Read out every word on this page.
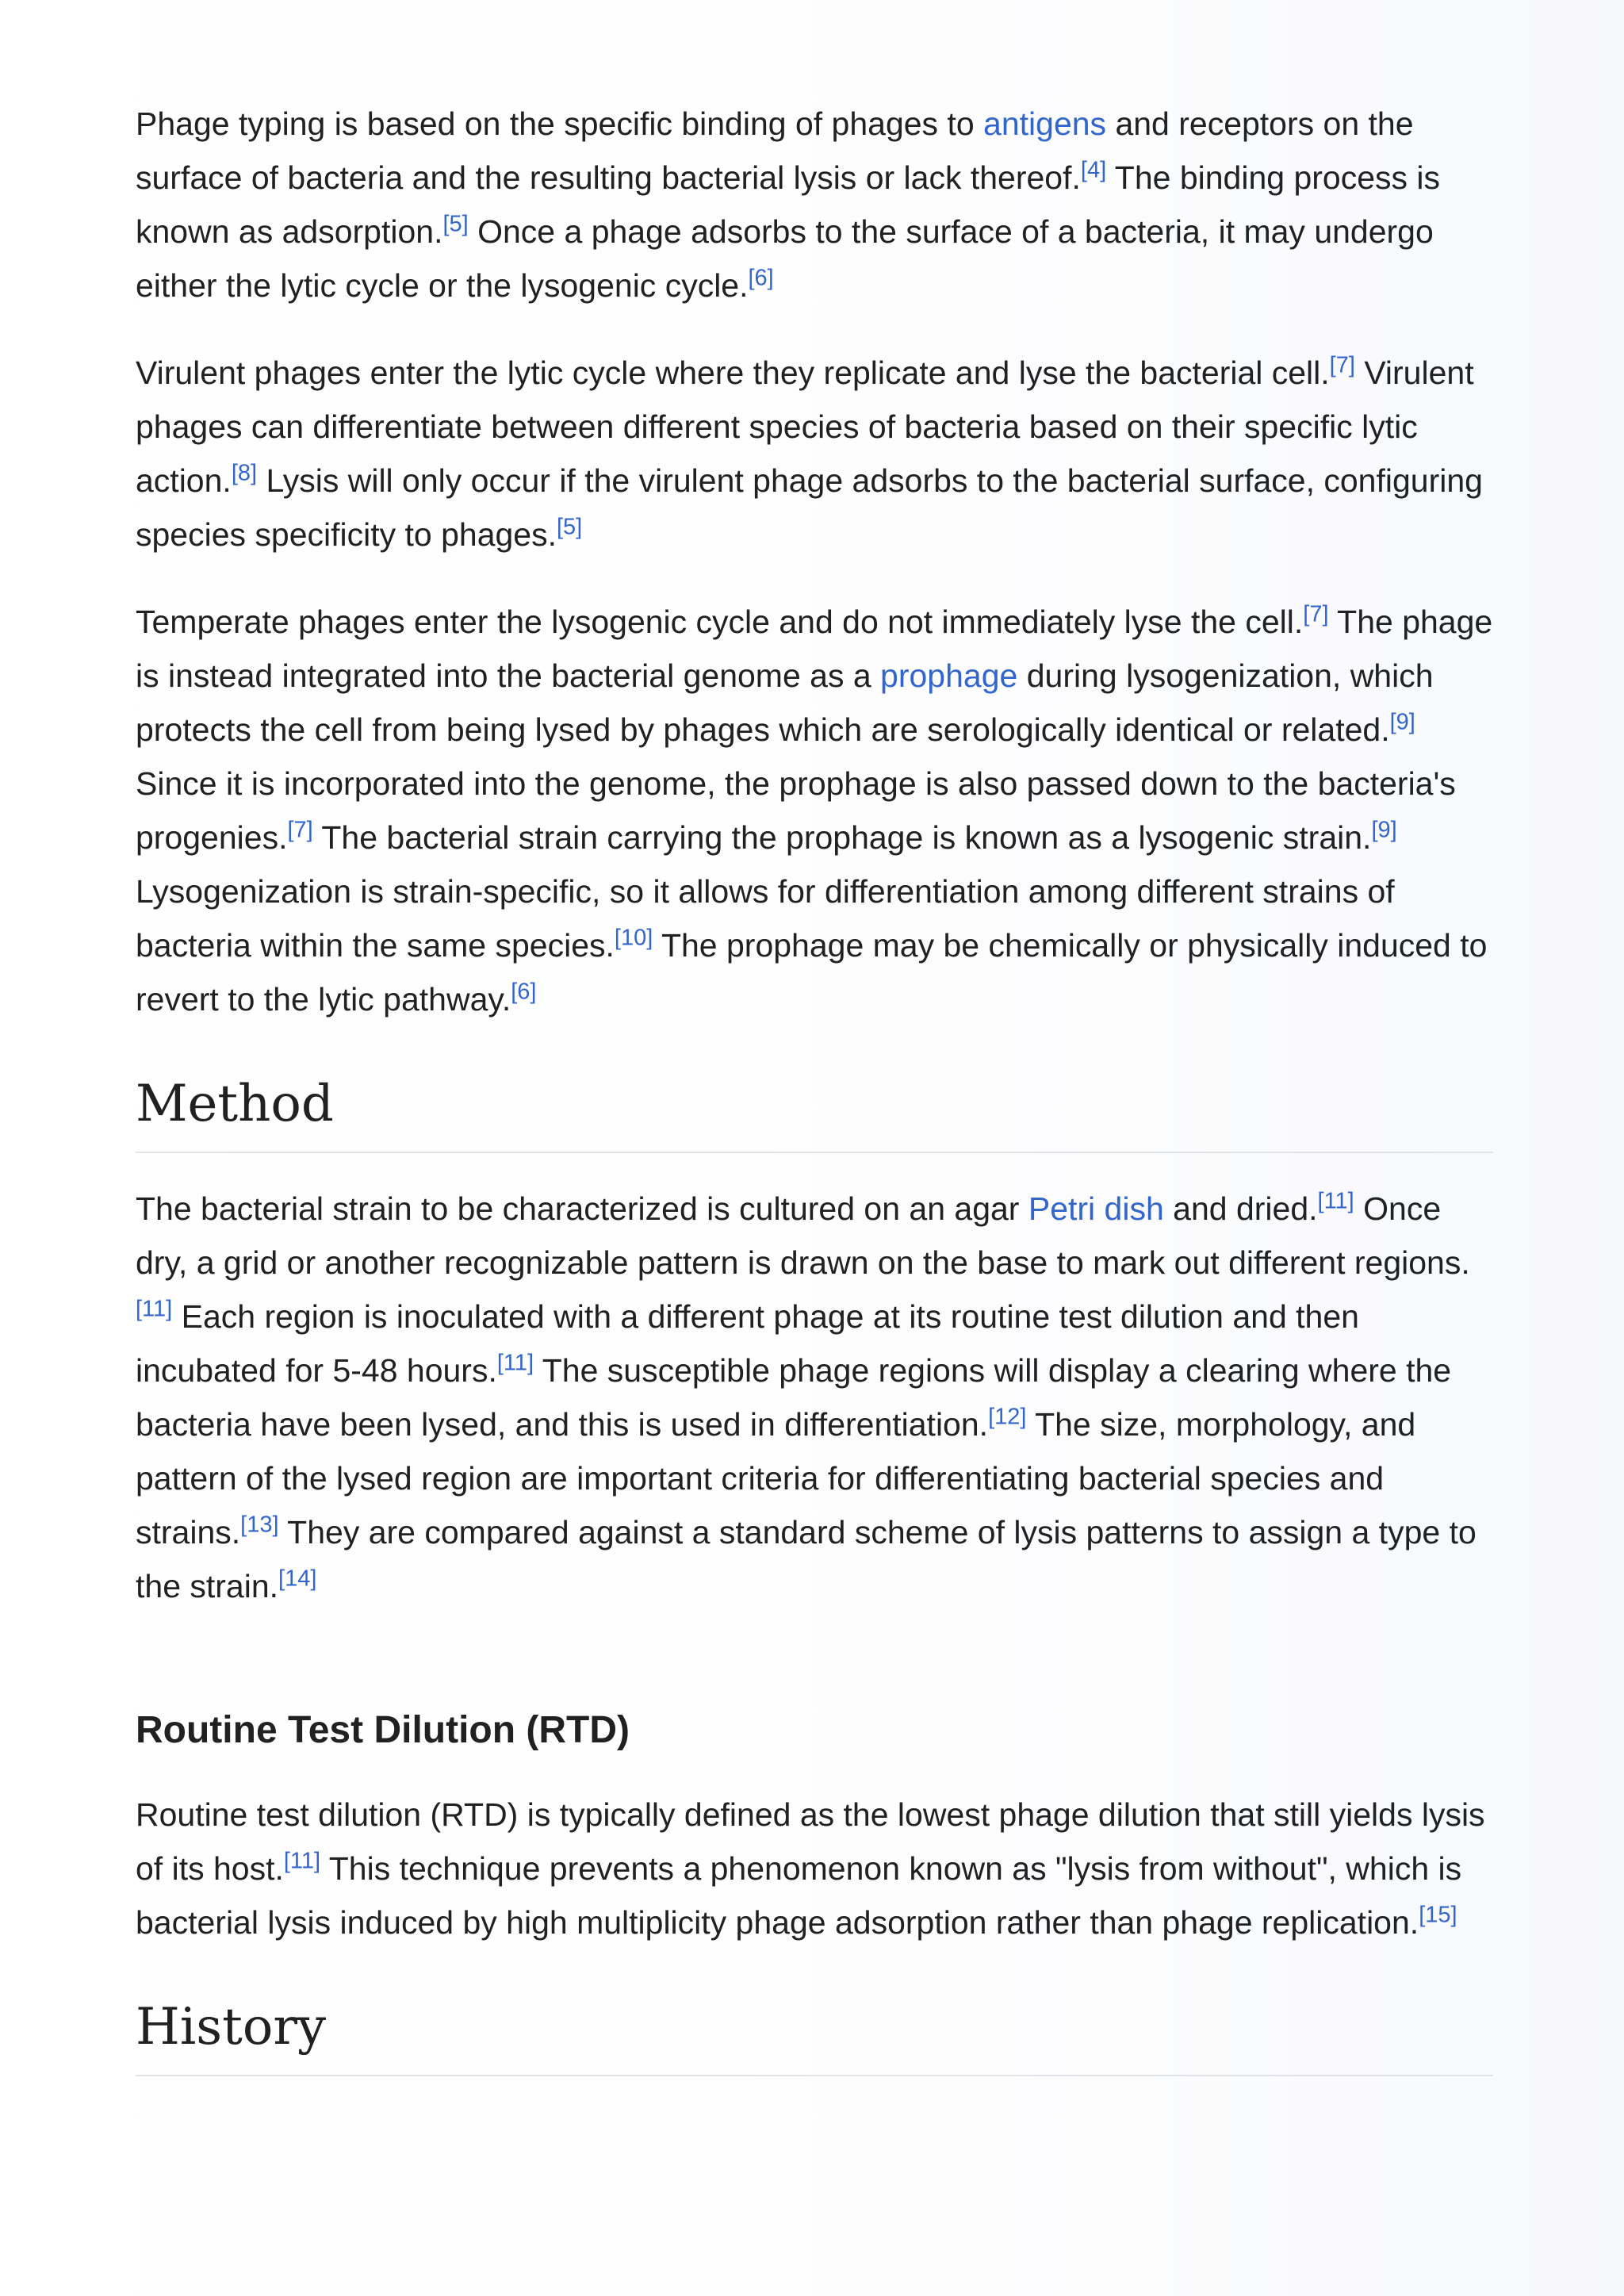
Phage typing is based on the specific binding of phages to antigens and receptors on the surface of bacteria and the resulting bacterial lysis or lack thereof.[4] The binding process is known as adsorption.[5] Once a phage adsorbs to the surface of a bacteria, it may undergo either the lytic cycle or the lysogenic cycle.[6]

Virulent phages enter the lytic cycle where they replicate and lyse the bacterial cell.[7] Virulent phages can differentiate between different species of bacteria based on their specific lytic action.[8] Lysis will only occur if the virulent phage adsorbs to the bacterial surface, configuring species specificity to phages.[5]

Temperate phages enter the lysogenic cycle and do not immediately lyse the cell.[7] The phage is instead integrated into the bacterial genome as a prophage during lysogenization, which protects the cell from being lysed by phages which are serologically identical or related.[9] Since it is incorporated into the genome, the prophage is also passed down to the bacteria's progenies.[7] The bacterial strain carrying the prophage is known as a lysogenic strain.[9] Lysogenization is strain-specific, so it allows for differentiation among different strains of bacteria within the same species.[10] The prophage may be chemically or physically induced to revert to the lytic pathway.[6]

Method

The bacterial strain to be characterized is cultured on an agar Petri dish and dried.[11] Once dry, a grid or another recognizable pattern is drawn on the base to mark out different regions.[11] Each region is inoculated with a different phage at its routine test dilution and then incubated for 5-48 hours.[11] The susceptible phage regions will display a clearing where the bacteria have been lysed, and this is used in differentiation.[12] The size, morphology, and pattern of the lysed region are important criteria for differentiating bacterial species and strains.[13] They are compared against a standard scheme of lysis patterns to assign a type to the strain.[14]

Routine Test Dilution (RTD)

Routine test dilution (RTD) is typically defined as the lowest phage dilution that still yields lysis of its host.[11] This technique prevents a phenomenon known as "lysis from without", which is bacterial lysis induced by high multiplicity phage adsorption rather than phage replication.[15]

History
